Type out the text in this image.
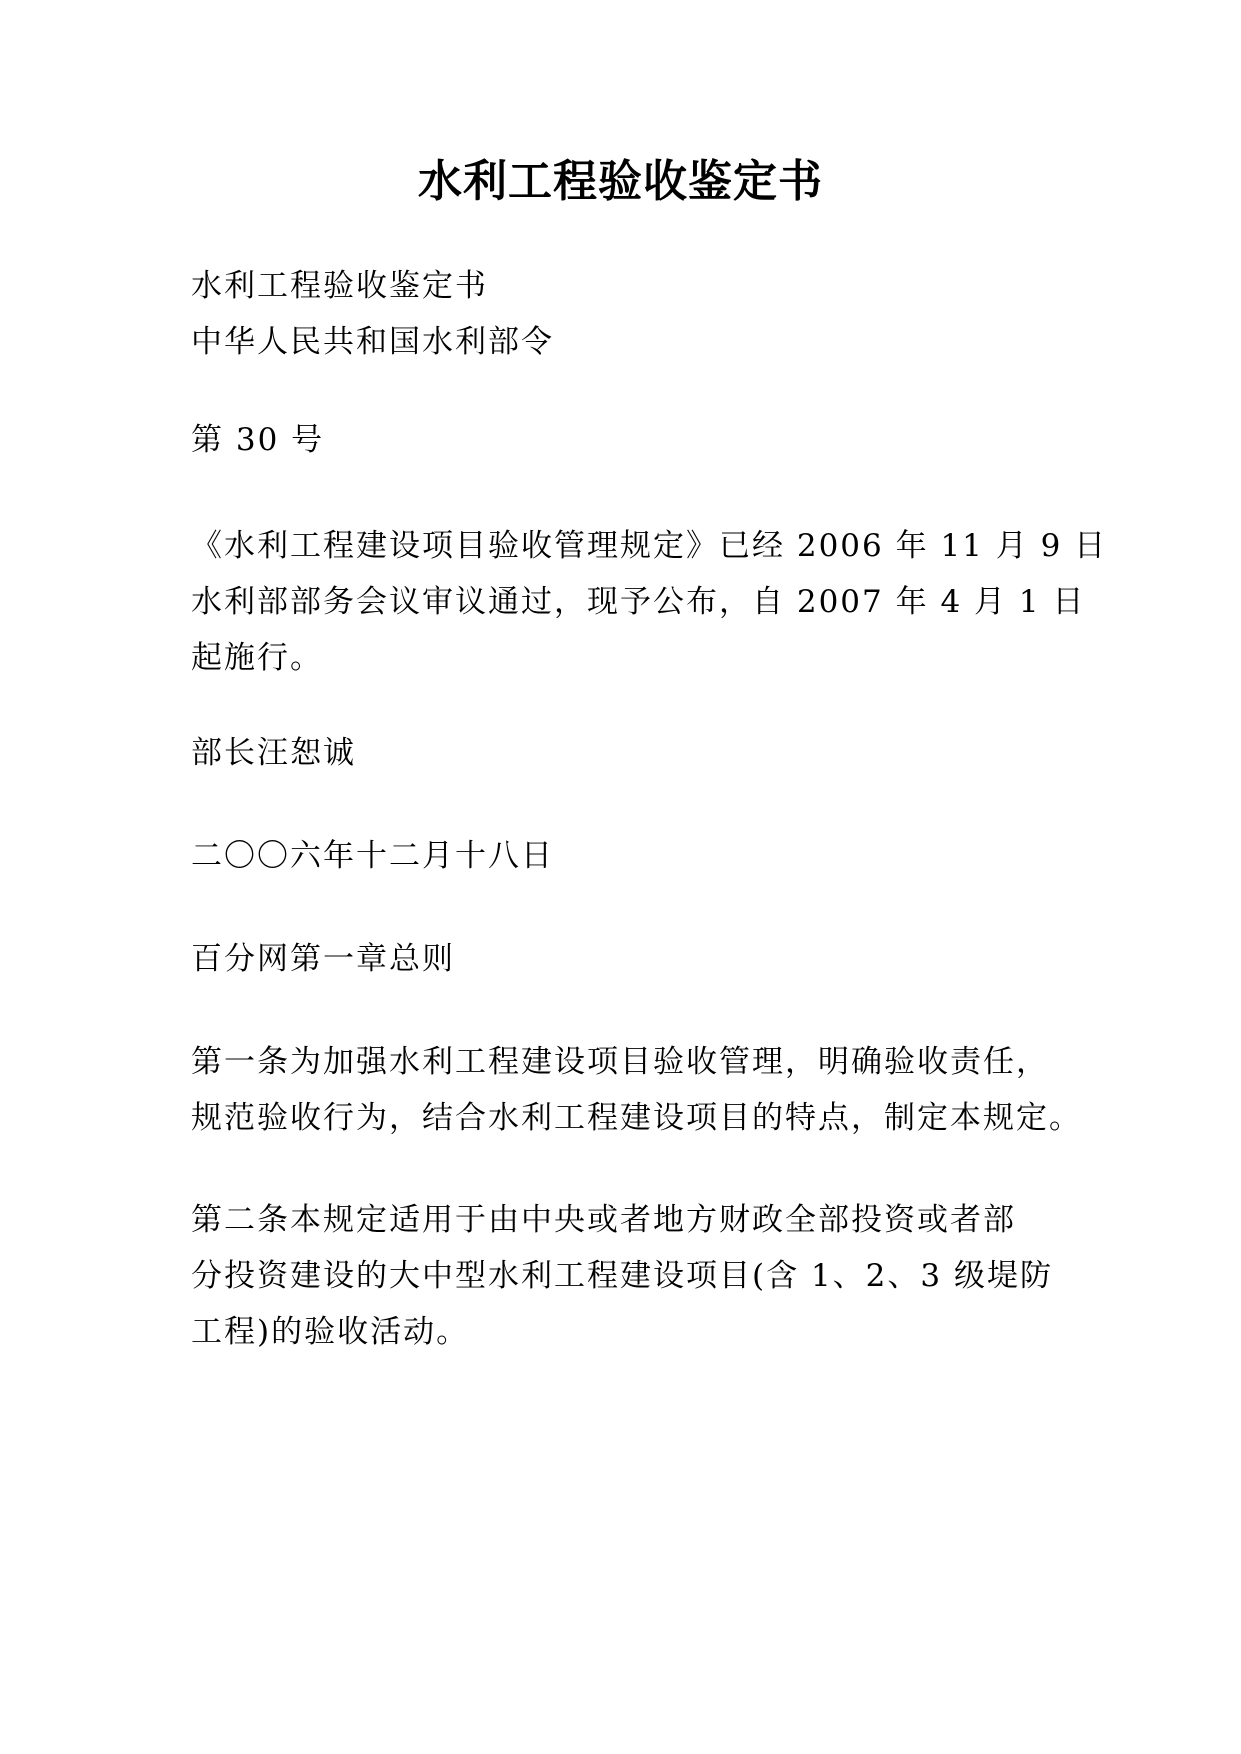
水利工程验收鉴定书

水利工程验收鉴定书
中华人民共和国水利部令

第 30 号

《水利工程建设项目验收管理规定》已经 2006 年 11 月 9 日
水利部部务会议审议通过，现予公布，自 2007 年 4 月 1 日
起施行。

部长汪恕诚

二〇〇六年十二月十八日

百分网第一章总则

第一条为加强水利工程建设项目验收管理，明确验收责任，
规范验收行为，结合水利工程建设项目的特点，制定本规定。

第二条本规定适用于由中央或者地方财政全部投资或者部
分投资建设的大中型水利工程建设项目(含 1、2、3 级堤防
工程)的验收活动。
